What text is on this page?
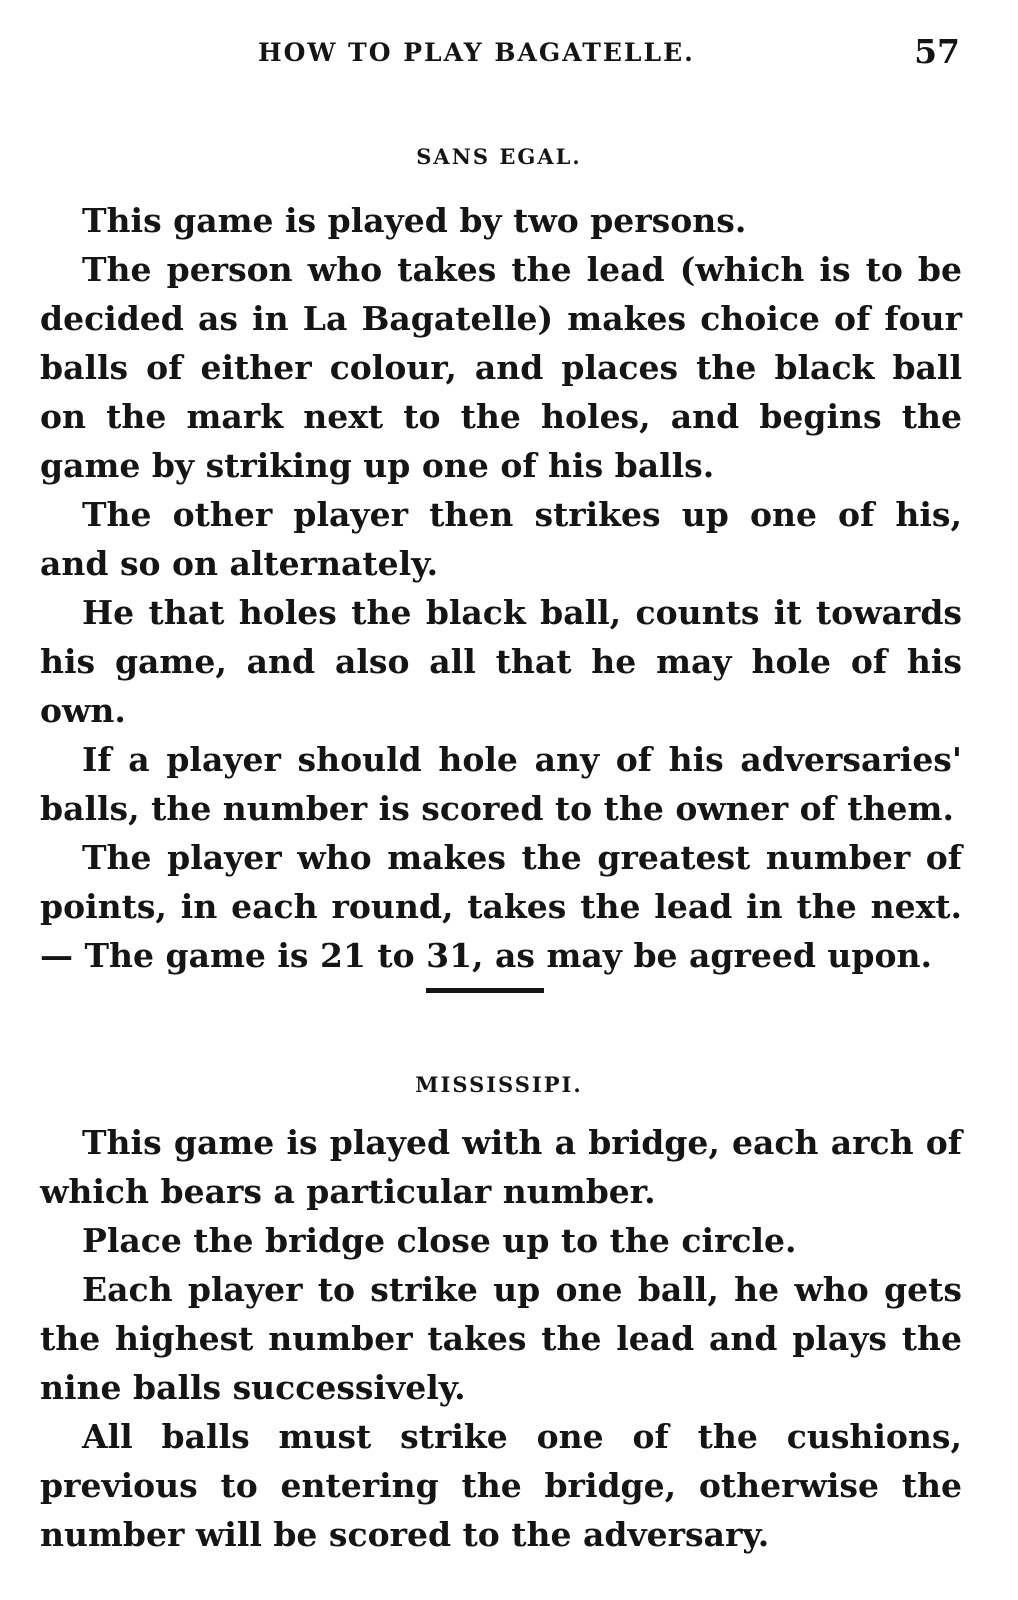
HOW TO PLAY BAGATELLE.	57
SANS EGAL.

This game is played by two persons.

The person who takes the lead (which is to be decided as in La Bagatelle) makes choice of four balls of either colour, and places the black ball on the mark next to the holes, and begins the game by striking up one of his balls.

The other player then strikes up one of his, and so on alternately.

He that holes the black ball, counts it towards his game, and also all that he may hole of his own.

If a player should hole any of his adversaries' balls, the number is scored to the owner of them.

The player who makes the greatest number of points, in each round, takes the lead in the next.— The game is 21 to 31, as may be agreed upon.

MISSISSIPI.

This game is played with a bridge, each arch of which bears a particular number.

Place the bridge close up to the circle.

Each player to strike up one ball, he who gets the highest number takes the lead and plays the nine balls successively.

All balls must strike one of the cushions, previous to entering the bridge, otherwise the number will be scored to the adversary.
